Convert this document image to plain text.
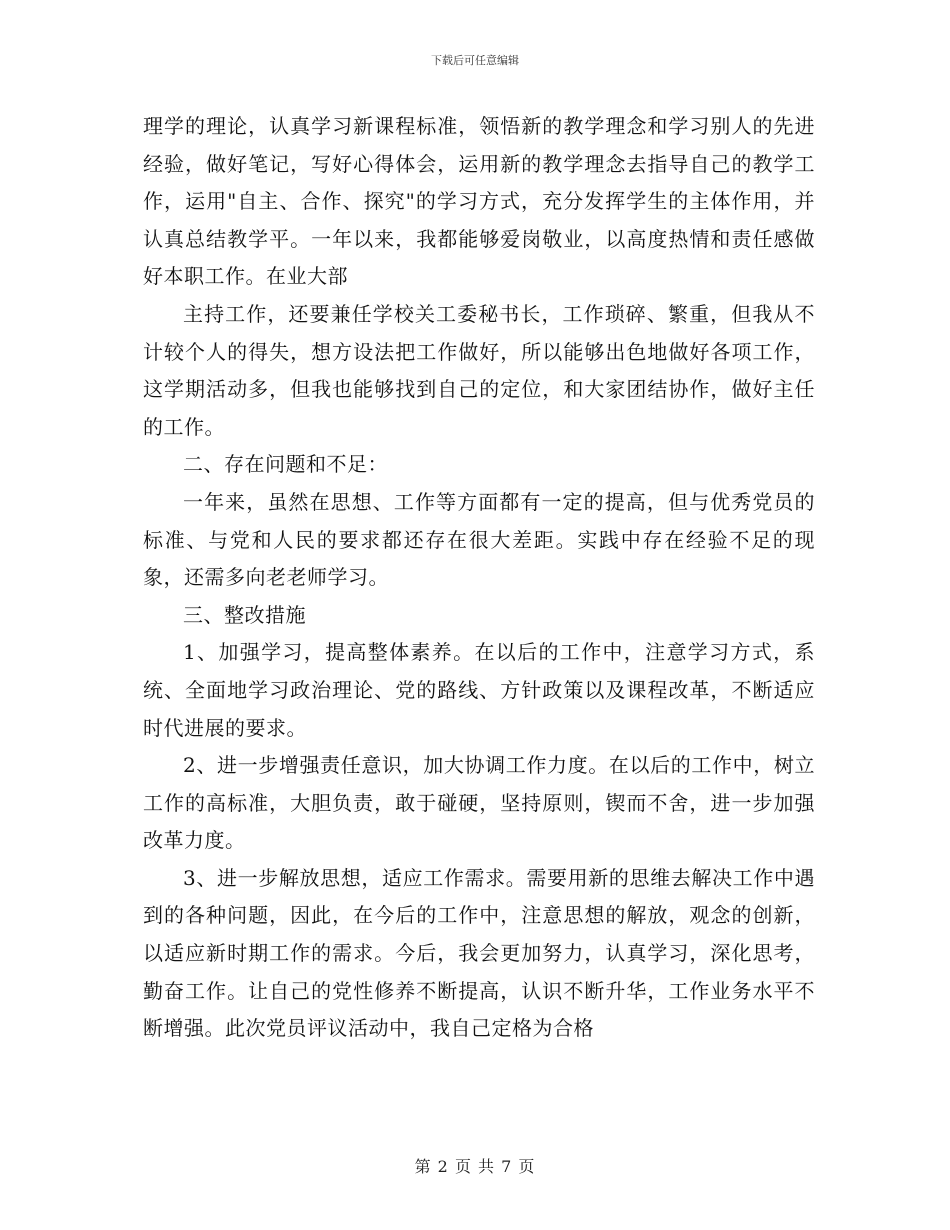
下载后可任意编辑

理学的理论，认真学习新课程标准，领悟新的教学理念和学习别人的先进经验，做好笔记，写好心得体会，运用新的教学理念去指导自己的教学工作，运用"自主、合作、探究"的学习方式，充分发挥学生的主体作用，并认真总结教学平。一年以来，我都能够爱岗敬业，以高度热情和责任感做好本职工作。在业大部

主持工作，还要兼任学校关工委秘书长，工作琐碎、繁重，但我从不计较个人的得失，想方设法把工作做好，所以能够出色地做好各项工作，这学期活动多，但我也能够找到自己的定位，和大家团结协作，做好主任的工作。

二、存在问题和不足：

一年来，虽然在思想、工作等方面都有一定的提高，但与优秀党员的标准、与党和人民的要求都还存在很大差距。实践中存在经验不足的现象，还需多向老老师学习。

三、整改措施

1、加强学习，提高整体素养。在以后的工作中，注意学习方式，系统、全面地学习政治理论、党的路线、方针政策以及课程改革，不断适应时代进展的要求。

2、进一步增强责任意识，加大协调工作力度。在以后的工作中，树立工作的高标准，大胆负责，敢于碰硬，坚持原则，锲而不舍，进一步加强改革力度。

3、进一步解放思想，适应工作需求。需要用新的思维去解决工作中遇到的各种问题，因此，在今后的工作中，注意思想的解放，观念的创新，以适应新时期工作的需求。今后，我会更加努力，认真学习，深化思考，勤奋工作。让自己的党性修养不断提高，认识不断升华，工作业务水平不断增强。此次党员评议活动中，我自己定格为合格

第 2 页 共 7 页
